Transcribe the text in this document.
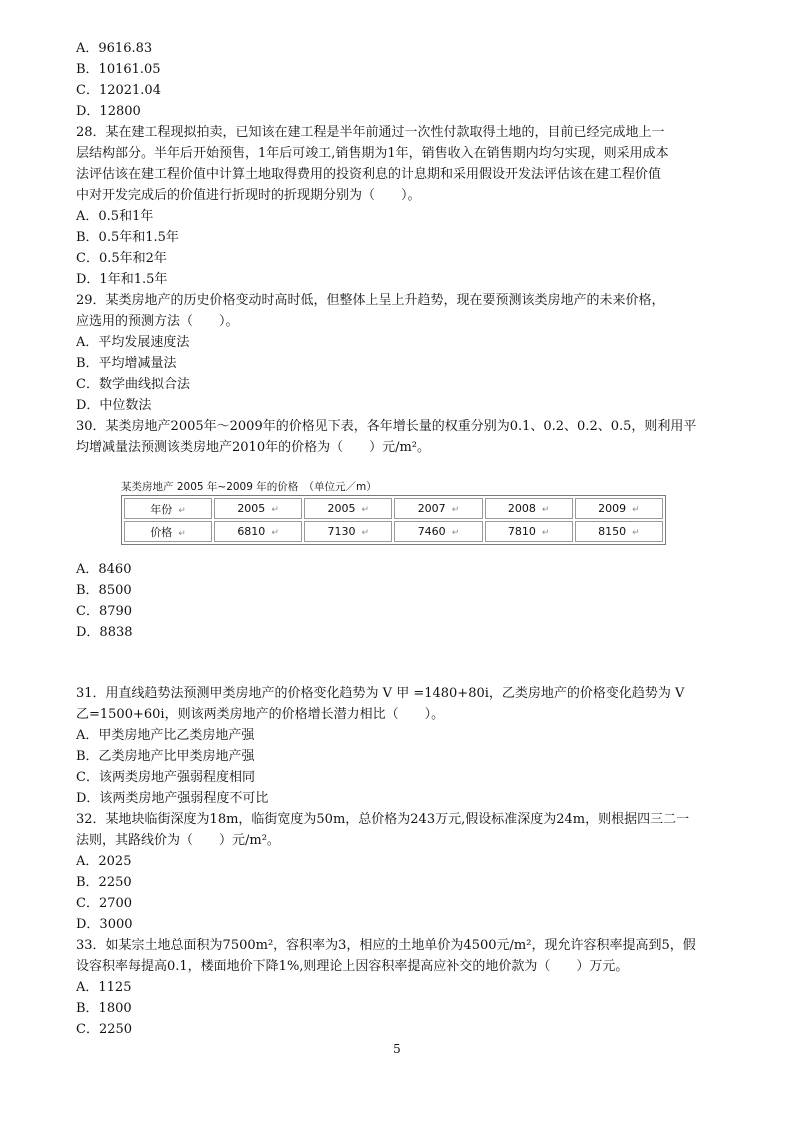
A．9616.83
B．10161.05
C．12021.04
D．12800
28．某在建工程现拟拍卖，已知该在建工程是半年前通过一次性付款取得土地的，目前已经完成地上一
层结构部分。半年后开始预售，1年后可竣工,销售期为1年，销售收入在销售期内均匀实现，则采用成本
法评估该在建工程价值中计算土地取得费用的投资利息的计息期和采用假设开发法评估该在建工程价值
中对开发完成后的价值进行折现时的折现期分别为（　　）。
A．0.5和1年
B．0.5年和1.5年
C．0.5年和2年
D．1年和1.5年
29．某类房地产的历史价格变动时高时低，但整体上呈上升趋势，现在要预测该类房地产的未来价格，
应选用的预测方法（　　）。
A．平均发展速度法
B．平均增减量法
C．数学曲线拟合法
D．中位数法
30．某类房地产2005年～2009年的价格见下表，各年增长量的权重分别为0.1、0.2、0.2、0.5，则利用平
均增减量法预测该类房地产2010年的价格为（　　）元/m²。
某类房地产 2005 年~2009 年的价格　（单位元／m）
年份 ↵	2005 ↵	2005 ↵	2007 ↵	2008 ↵	2009 ↵
价格 ↵	6810 ↵	7130 ↵	7460 ↵	7810 ↵	8150 ↵
A．8460
B．8500
C．8790
D．8838
31．用直线趋势法预测甲类房地产的价格变化趋势为 V 甲 =1480+80i，乙类房地产的价格变化趋势为 V
乙=1500+60i，则该两类房地产的价格增长潜力相比（　　）。
A．甲类房地产比乙类房地产强
B．乙类房地产比甲类房地产强
C．该两类房地产强弱程度相同
D．该两类房地产强弱程度不可比
32．某地块临街深度为18m，临街宽度为50m，总价格为243万元,假设标准深度为24m，则根据四三二一
法则，其路线价为（　　）元/m²。
A．2025
B．2250
C．2700
D．3000
33．如某宗土地总面积为7500m²，容积率为3，相应的土地单价为4500元/m²，现允许容积率提高到5，假
设容积率每提高0.1，楼面地价下降1%,则理论上因容积率提高应补交的地价款为（　　）万元。
A．1125
B．1800
C．2250
5
